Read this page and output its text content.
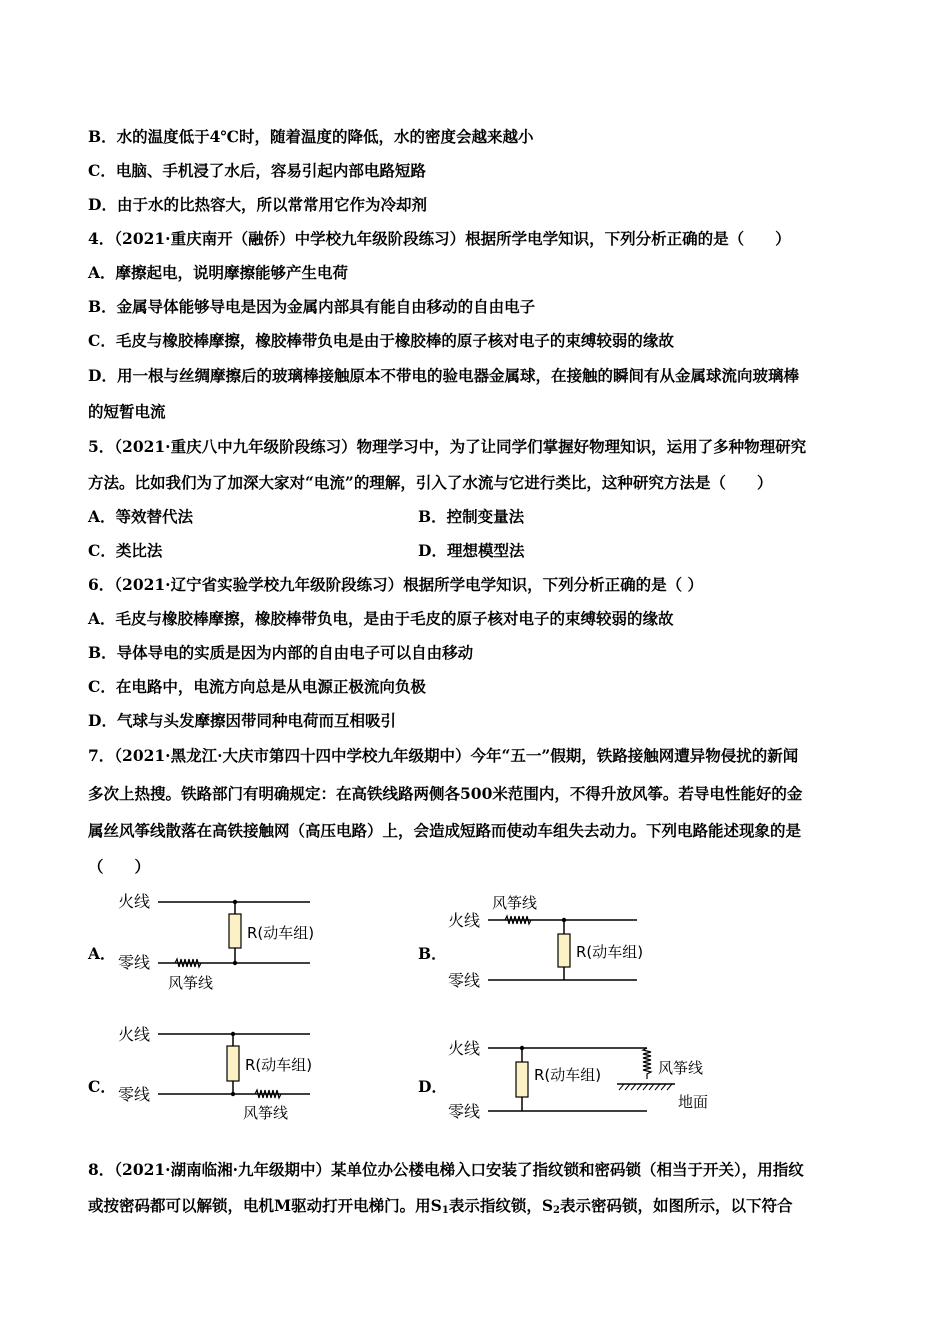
B．水的温度低于4℃时，随着温度的降低，水的密度会越来越小
C．电脑、手机浸了水后，容易引起内部电路短路
D．由于水的比热容大，所以常常用它作为冷却剂
4．（2021·重庆南开（融侨）中学校九年级阶段练习）根据所学电学知识，下列分析正确的是（　　）
A．摩擦起电，说明摩擦能够产生电荷
B．金属导体能够导电是因为金属内部具有能自由移动的自由电子
C．毛皮与橡胶棒摩擦，橡胶棒带负电是由于橡胶棒的原子核对电子的束缚较弱的缘故
D．用一根与丝绸摩擦后的玻璃棒接触原本不带电的验电器金属球，在接触的瞬间有从金属球流向玻璃棒
的短暂电流
5．（2021·重庆八中九年级阶段练习）物理学习中，为了让同学们掌握好物理知识，运用了多种物理研究
方法。比如我们为了加深大家对“电流”的理解，引入了水流与它进行类比，这种研究方法是（　　）
A．等效替代法	B．控制变量法
C．类比法	D．理想模型法
6．（2021·辽宁省实验学校九年级阶段练习）根据所学电学知识，下列分析正确的是（ ）
A．毛皮与橡胶棒摩擦，橡胶棒带负电，是由于毛皮的原子核对电子的束缚较弱的缘故
B．导体导电的实质是因为内部的自由电子可以自由移动
C．在电路中，电流方向总是从电源正极流向负极
D．气球与头发摩擦因带同种电荷而互相吸引
7．（2021·黑龙江·大庆市第四十四中学校九年级期中）今年“五一”假期，铁路接触网遭异物侵扰的新闻
多次上热搜。铁路部门有明确规定：在高铁线路两侧各500米范围内，不得升放风筝。若导电性能好的金
属丝风筝线散落在高铁接触网（高压电路）上，会造成短路而使动车组失去动力。下列电路能述现象的是
（　　）
A．	B．
C．	D．
火线
R(动车组)
零线
风筝线
风筝线
火线
R(动车组)
零线
火线
R(动车组)
零线
风筝线
火线
R(动车组)	风筝线
地面
零线
8．（2021·湖南临湘·九年级期中）某单位办公楼电梯入口安装了指纹锁和密码锁（相当于开关），用指纹
或按密码都可以解锁，电机M驱动打开电梯门。用$S_1$表示指纹锁，$S_2$表示密码锁，如图所示，以下符合
